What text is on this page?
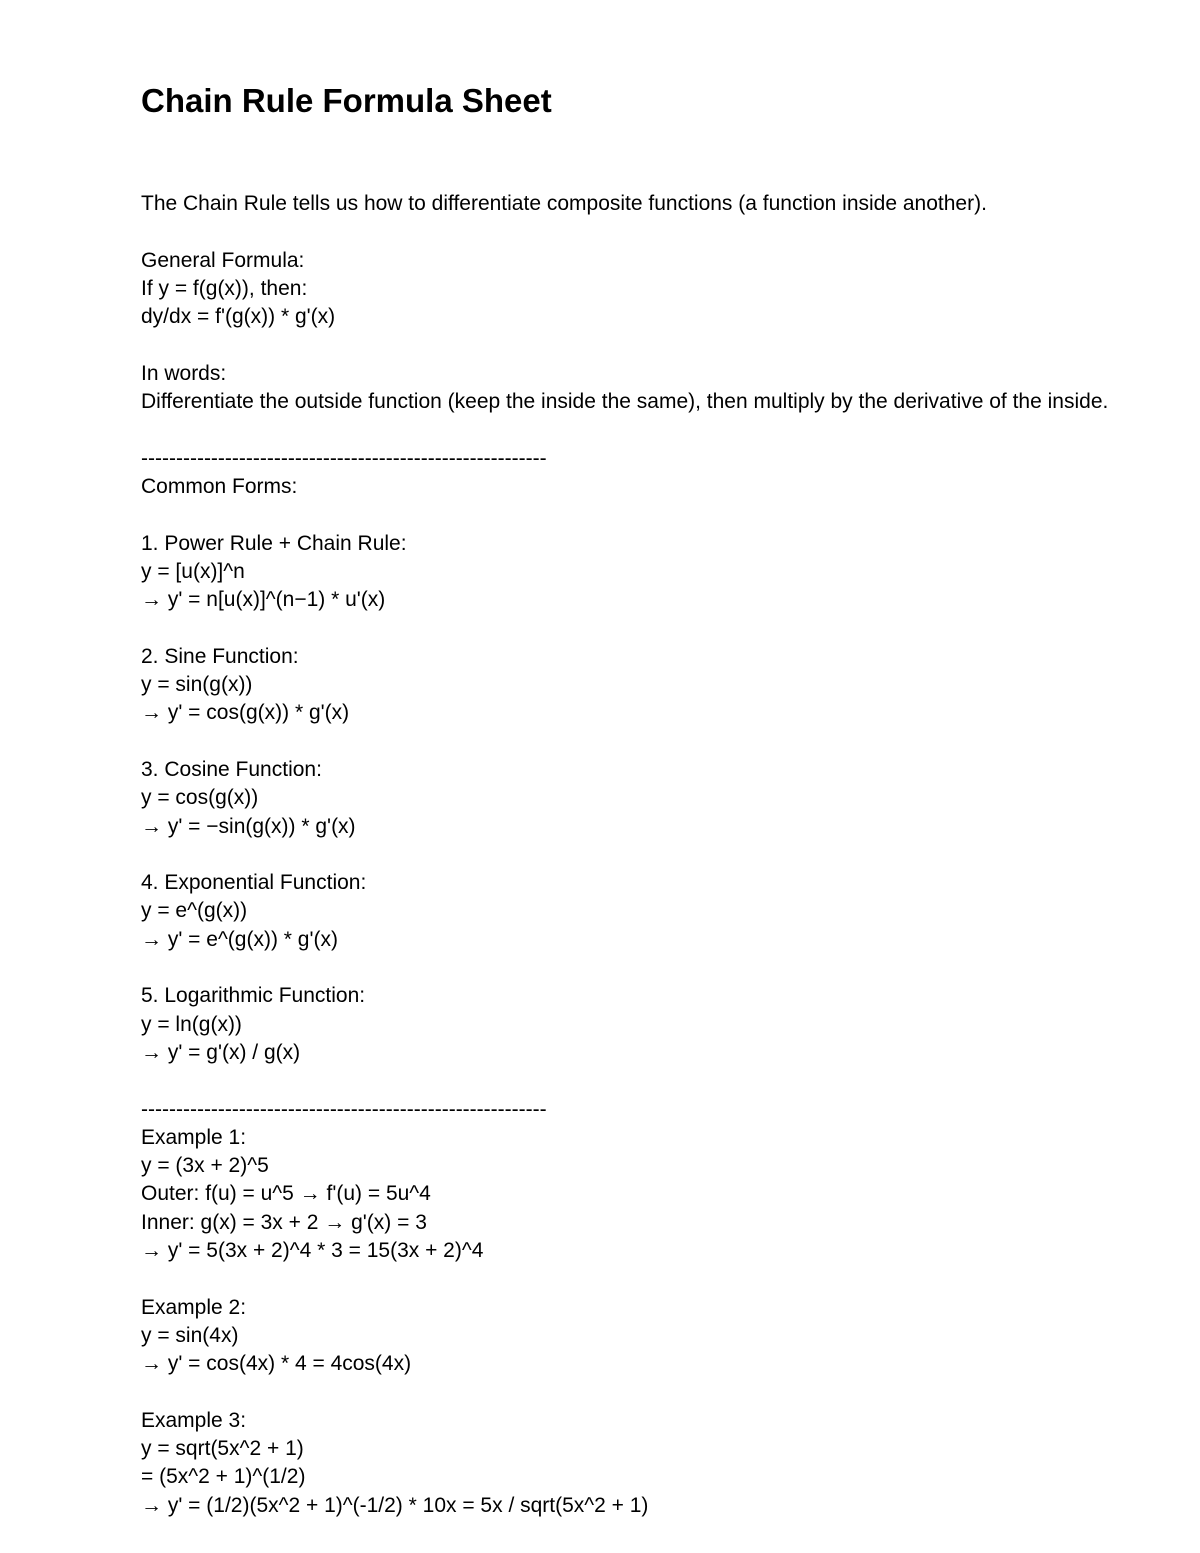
Chain Rule Formula Sheet
The Chain Rule tells us how to differentiate composite functions (a function inside another).
General Formula:
If y = f(g(x)), then:
dy/dx = f'(g(x)) * g'(x)
In words:
Differentiate the outside function (keep the inside the same), then multiply by the derivative of the inside.
----------------------------------------------------------
Common Forms:
1. Power Rule + Chain Rule:
y = [u(x)]^n
→ y' = n[u(x)]^(n−1) * u'(x)
2. Sine Function:
y = sin(g(x))
→ y' = cos(g(x)) * g'(x)
3. Cosine Function:
y = cos(g(x))
→ y' = −sin(g(x)) * g'(x)
4. Exponential Function:
y = e^(g(x))
→ y' = e^(g(x)) * g'(x)
5. Logarithmic Function:
y = ln(g(x))
→ y' = g'(x) / g(x)
----------------------------------------------------------
Example 1:
y = (3x + 2)^5
Outer: f(u) = u^5 → f'(u) = 5u^4
Inner: g(x) = 3x + 2 → g'(x) = 3
→ y' = 5(3x + 2)^4 * 3 = 15(3x + 2)^4
Example 2:
y = sin(4x)
→ y' = cos(4x) * 4 = 4cos(4x)
Example 3:
y = sqrt(5x^2 + 1)
= (5x^2 + 1)^(1/2)
→ y' = (1/2)(5x^2 + 1)^(-1/2) * 10x = 5x / sqrt(5x^2 + 1)
